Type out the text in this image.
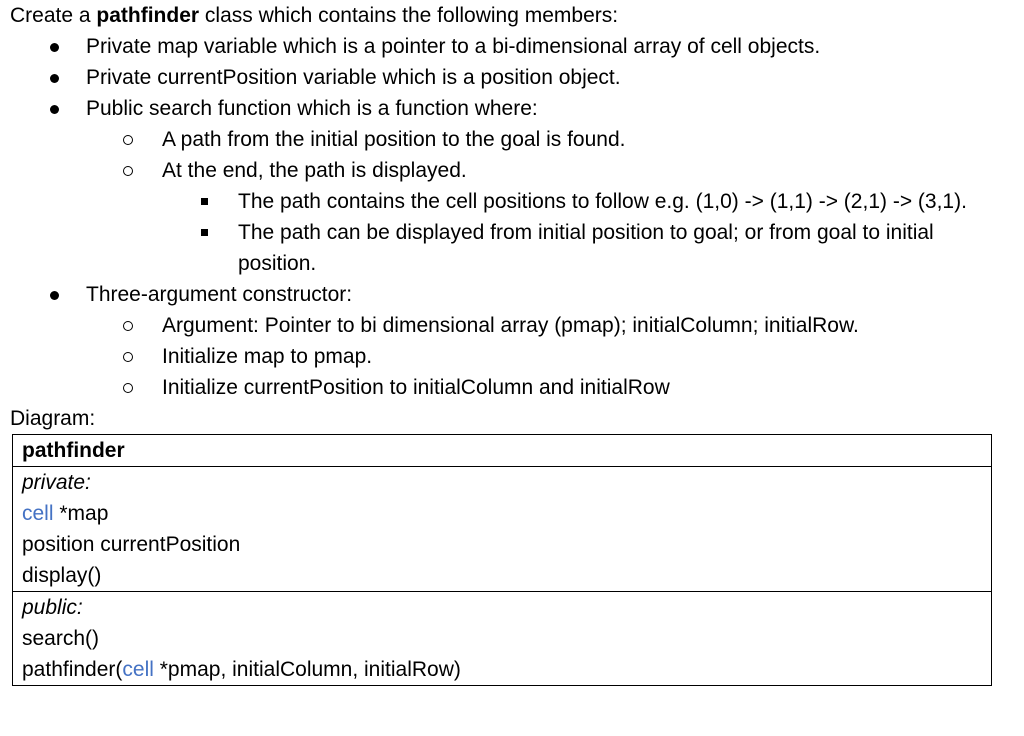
Create a pathfinder class which contains the following members:
Private map variable which is a pointer to a bi-dimensional array of cell objects.
Private currentPosition variable which is a position object.
Public search function which is a function where:
A path from the initial position to the goal is found.
At the end, the path is displayed.
The path contains the cell positions to follow e.g. (1,0) -> (1,1) -> (2,1) -> (3,1).
The path can be displayed from initial position to goal; or from goal to initial position.
Three-argument constructor:
Argument: Pointer to bi dimensional array (pmap); initialColumn; initialRow.
Initialize map to pmap.
Initialize currentPosition to initialColumn and initialRow
Diagram:
pathfinder
private:
cell *map
position currentPosition
display()
public:
search()
pathfinder(cell *pmap, initialColumn, initialRow)
